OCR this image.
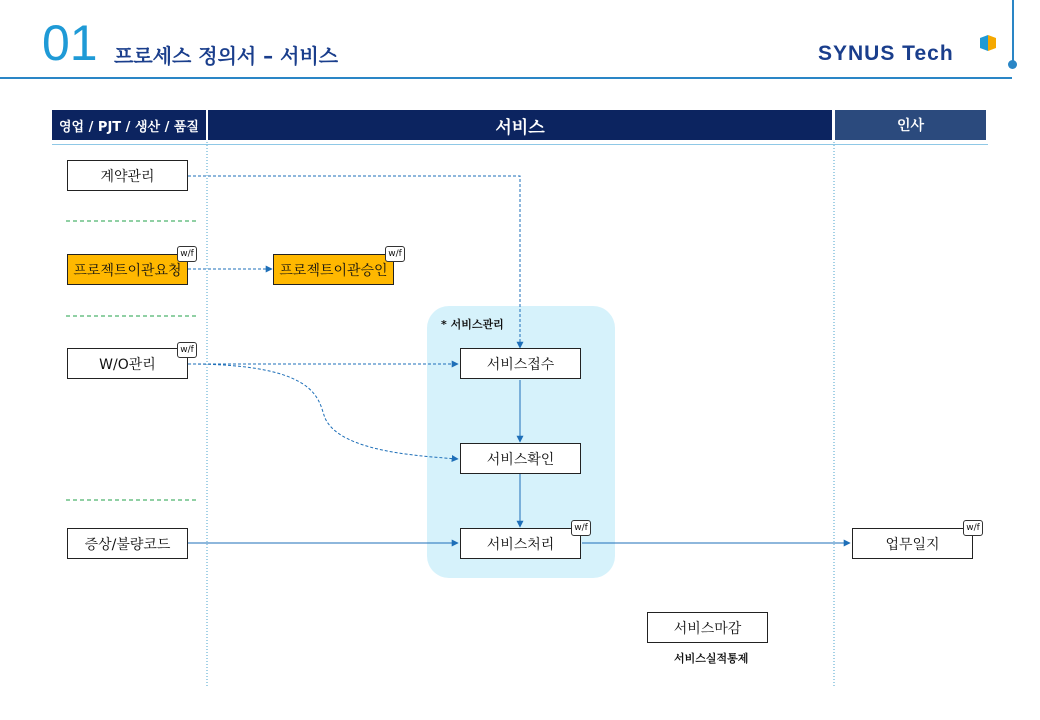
01 프로세스 정의서 – 서비스	SYNUS Tech
영업 / PJT / 생산 / 품질	서비스	인사
* 서비스관리
계약관리
프로젝트이관요청
w/f
W/O관리
w/f
증상/불량코드
프로젝트이관승인
w/f
서비스접수
서비스확인
서비스처리
w/f
서비스마감
서비스실적통제
업무일지
w/f
